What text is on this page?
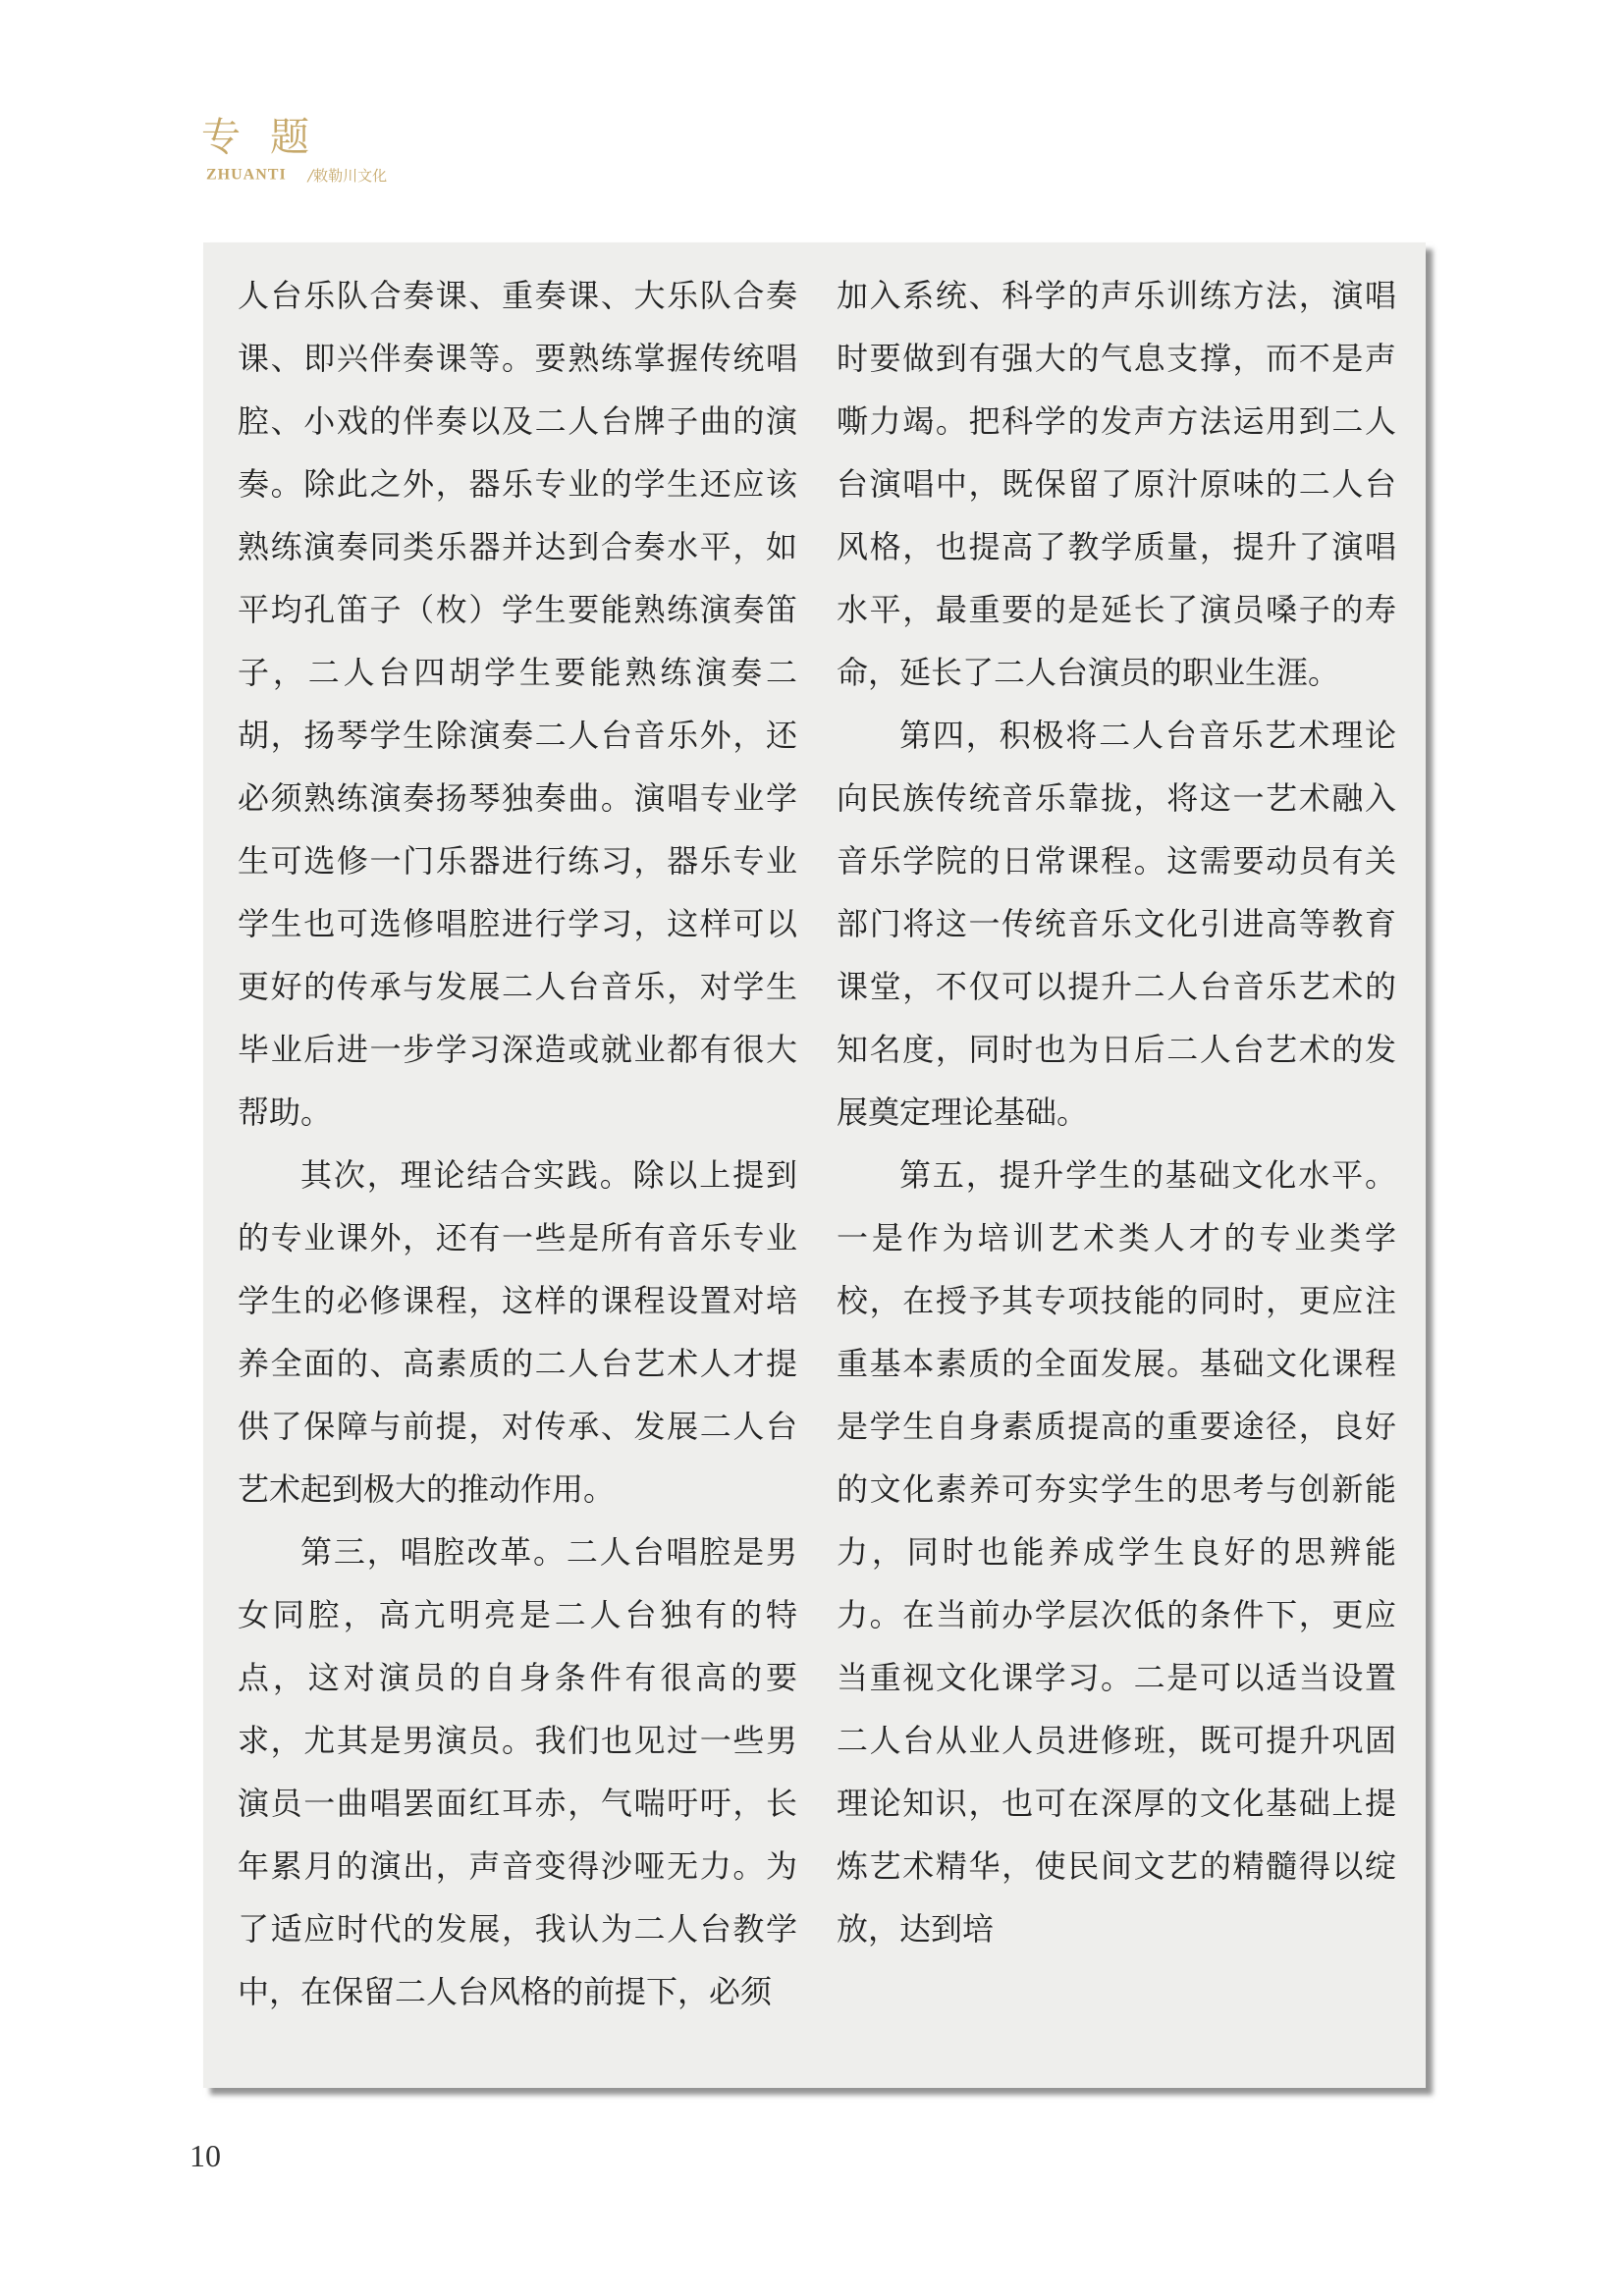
专题
ZHUANTI /敕勒川文化

人台乐队合奏课、重奏课、大乐队合奏课、即兴伴奏课等。要熟练掌握传统唱腔、小戏的伴奏以及二人台牌子曲的演奏。除此之外，器乐专业的学生还应该熟练演奏同类乐器并达到合奏水平，如平均孔笛子（枚）学生要能熟练演奏笛子，二人台四胡学生要能熟练演奏二胡，扬琴学生除演奏二人台音乐外，还必须熟练演奏扬琴独奏曲。演唱专业学生可选修一门乐器进行练习，器乐专业学生也可选修唱腔进行学习，这样可以更好的传承与发展二人台音乐，对学生毕业后进一步学习深造或就业都有很大帮助。

其次，理论结合实践。除以上提到的专业课外，还有一些是所有音乐专业学生的必修课程，这样的课程设置对培养全面的、高素质的二人台艺术人才提供了保障与前提，对传承、发展二人台艺术起到极大的推动作用。

第三，唱腔改革。二人台唱腔是男女同腔，高亢明亮是二人台独有的特点，这对演员的自身条件有很高的要求，尤其是男演员。我们也见过一些男演员一曲唱罢面红耳赤，气喘吁吁，长年累月的演出，声音变得沙哑无力。为了适应时代的发展，我认为二人台教学中，在保留二人台风格的前提下，必须

加入系统、科学的声乐训练方法，演唱时要做到有强大的气息支撑，而不是声嘶力竭。把科学的发声方法运用到二人台演唱中，既保留了原汁原味的二人台风格，也提高了教学质量，提升了演唱水平，最重要的是延长了演员嗓子的寿命，延长了二人台演员的职业生涯。

第四，积极将二人台音乐艺术理论向民族传统音乐靠拢，将这一艺术融入音乐学院的日常课程。这需要动员有关部门将这一传统音乐文化引进高等教育课堂，不仅可以提升二人台音乐艺术的知名度，同时也为日后二人台艺术的发展奠定理论基础。

第五，提升学生的基础文化水平。一是作为培训艺术类人才的专业类学校，在授予其专项技能的同时，更应注重基本素质的全面发展。基础文化课程是学生自身素质提高的重要途径，良好的文化素养可夯实学生的思考与创新能力，同时也能养成学生良好的思辨能力。在当前办学层次低的条件下，更应当重视文化课学习。二是可以适当设置二人台从业人员进修班，既可提升巩固理论知识，也可在深厚的文化基础上提炼艺术精华，使民间文艺的精髓得以绽放，达到培

10
